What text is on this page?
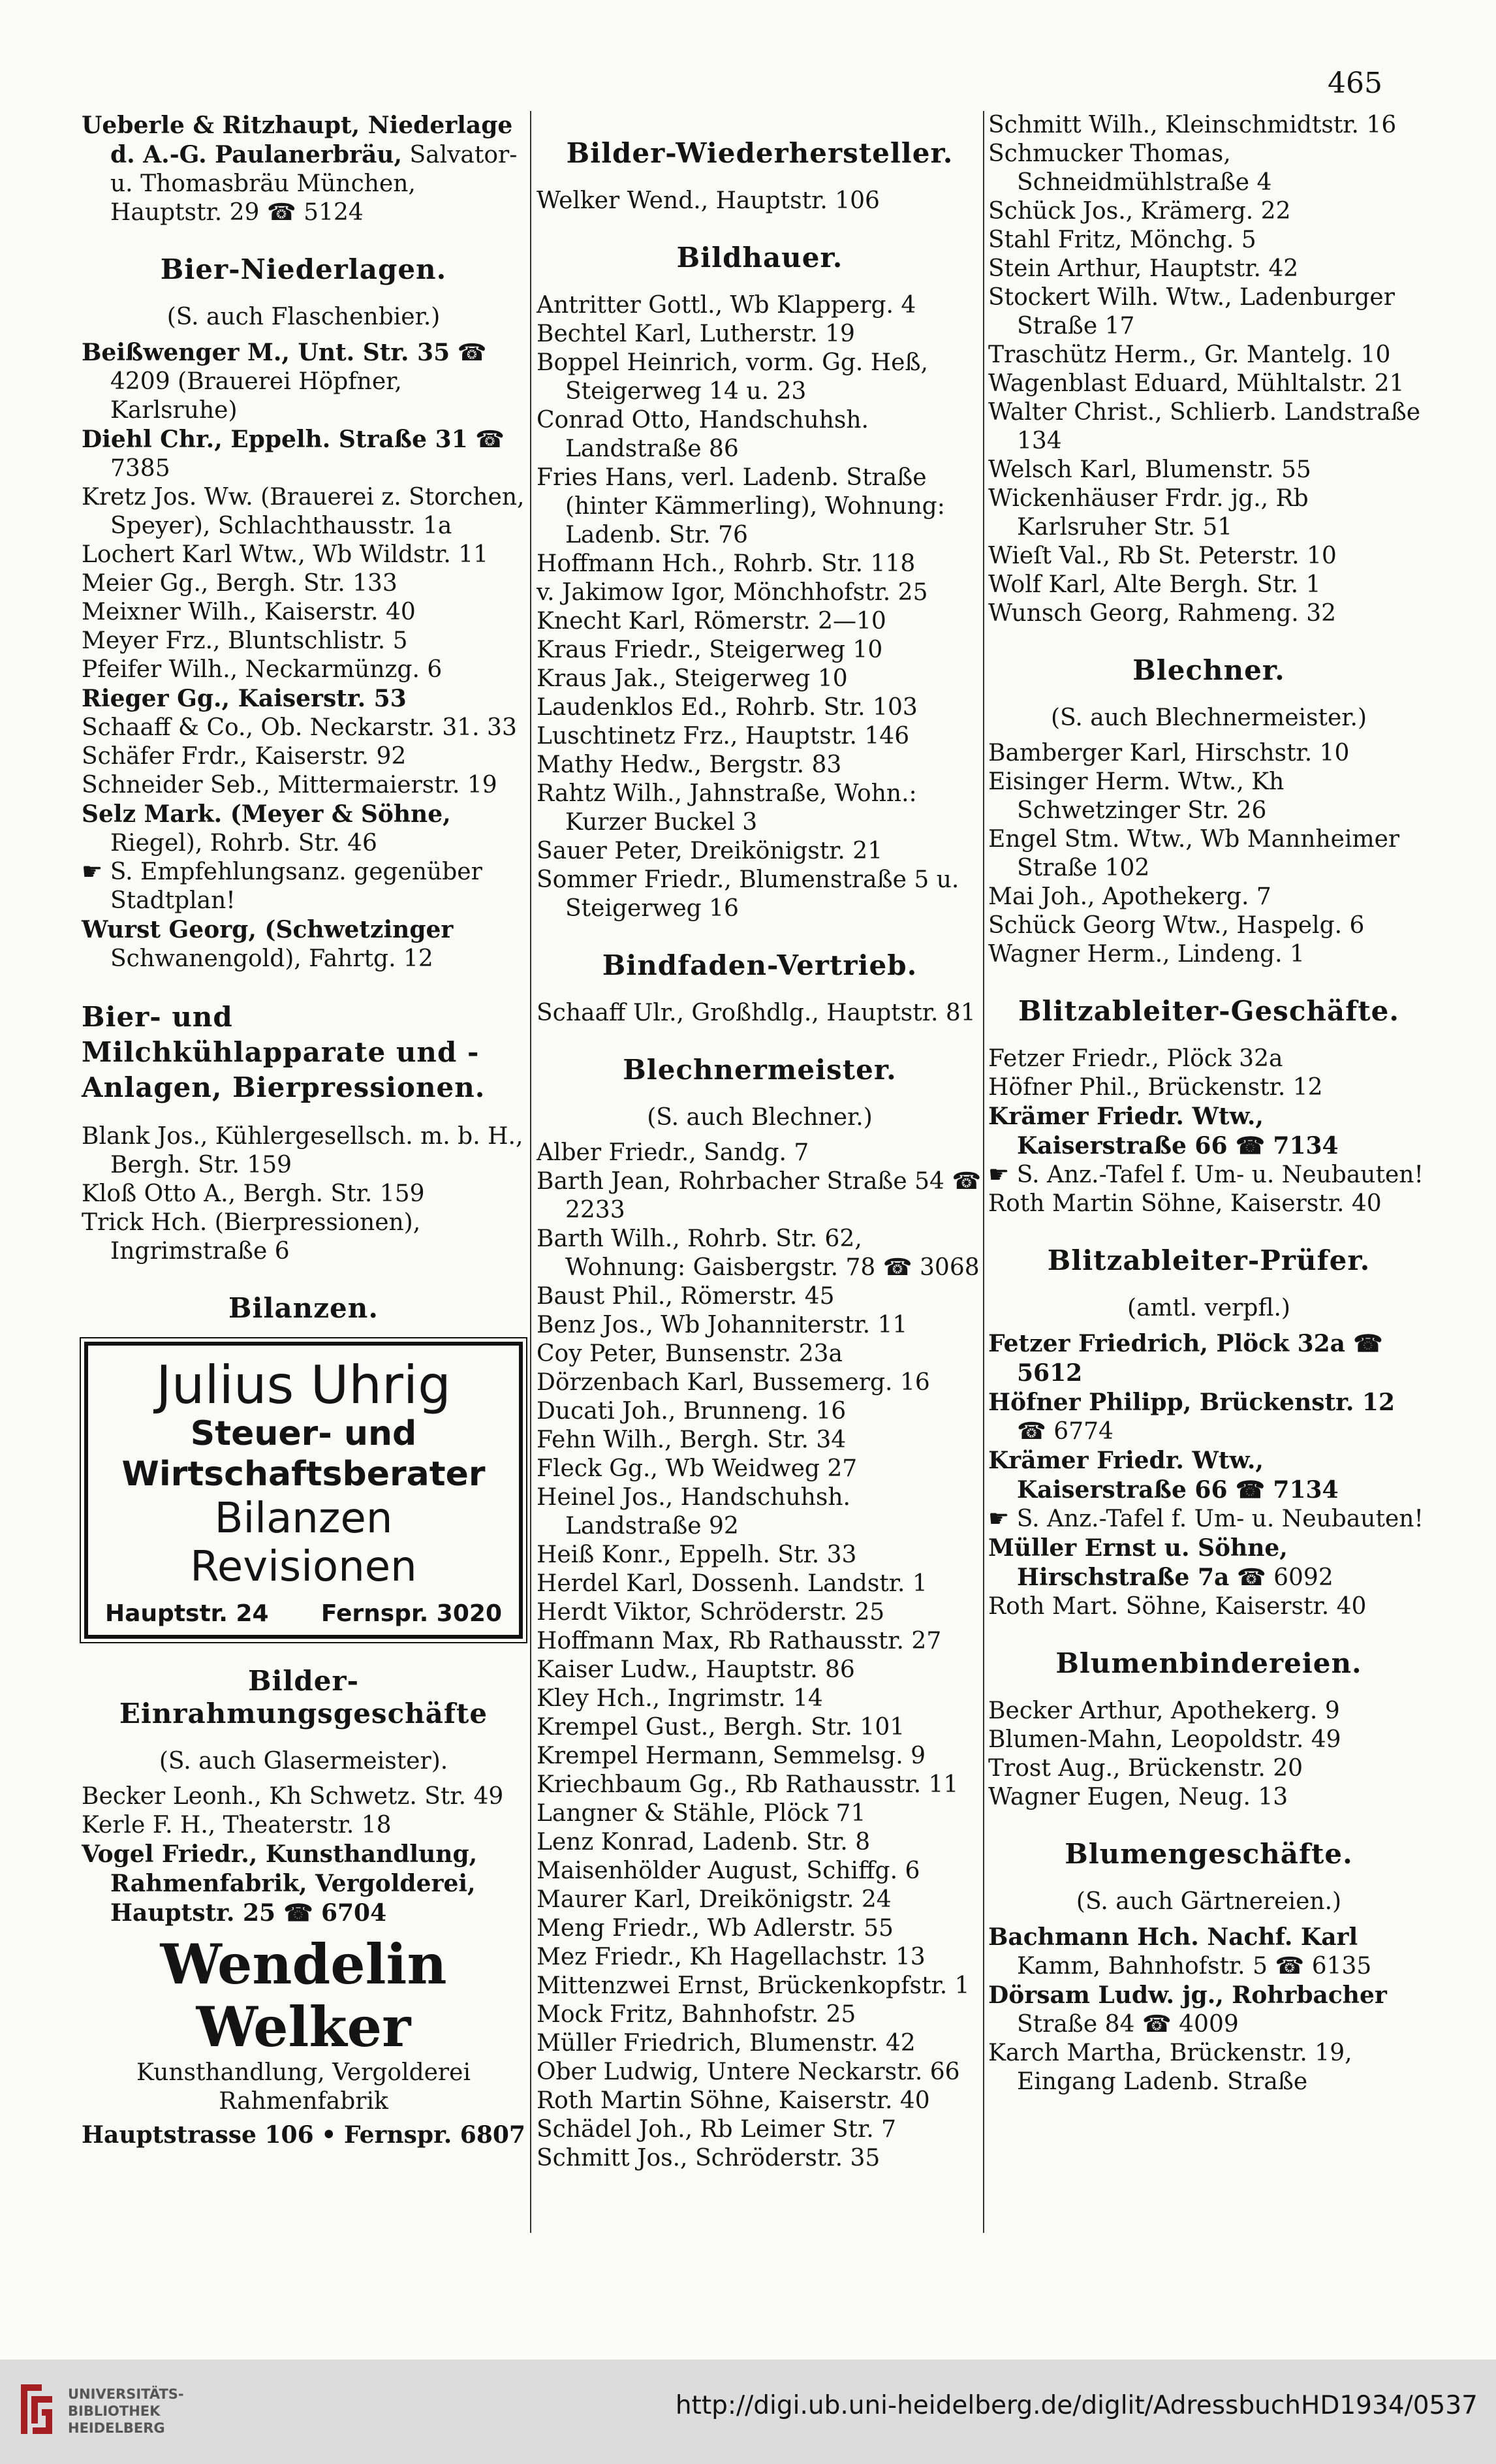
465
Ueberle & Ritzhaupt, Niederlage d. A.-G. Paulanerbräu, Salvator- u. Thomasbräu München, Hauptstr. 29 ☎ 5124
Bier-Niederlagen.
(S. auch Flaschenbier.)
Beißwenger M., Unt. Str. 35 ☎ 4209 (Brauerei Höpfner, Karlsruhe)
Diehl Chr., Eppelh. Straße 31 ☎ 7385
Kretz Jos. Ww. (Brauerei z. Storchen, Speyer), Schlachthausstr. 1a
Lochert Karl Wtw., Wb Wildstr. 11
Meier Gg., Bergh. Str. 133
Meixner Wilh., Kaiserstr. 40
Meyer Frz., Bluntschlistr. 5
Pfeifer Wilh., Neckarmünzg. 6
Rieger Gg., Kaiserstr. 53
Schaaff & Co., Ob. Neckarstr. 31. 33
Schäfer Frdr., Kaiserstr. 92
Schneider Seb., Mittermaierstr. 19
Selz Mark. (Meyer & Söhne, Riegel), Rohrb. Str. 46
☛ S. Empfehlungsanz. gegenüber Stadtplan!
Wurst Georg, (Schwetzinger Schwanengold), Fahrtg. 12
Bier- und Milchkühlapparate und -Anlagen, Bierpressionen.
Blank Jos., Kühlergesellsch. m. b. H., Bergh. Str. 159
Kloß Otto A., Bergh. Str. 159
Trick Hch. (Bierpressionen), Ingrimstraße 6
Bilanzen.
Julius Uhrig
Steuer- und
Wirtschaftsberater
Bilanzen
Revisionen
Hauptstr. 24 Fernspr. 3020
Bilder-Einrahmungsgeschäfte
(S. auch Glasermeister).
Becker Leonh., Kh Schwetz. Str. 49
Kerle F. H., Theaterstr. 18
Vogel Friedr., Kunsthandlung, Rahmenfabrik, Vergolderei, Hauptstr. 25 ☎ 6704
Wendelin Welker
Kunsthandlung, Vergolderei
Rahmenfabrik
Hauptstrasse 106 • Fernspr. 6807
Bilder-Wiederhersteller.
Welker Wend., Hauptstr. 106
Bildhauer.
Antritter Gottl., Wb Klapperg. 4
Bechtel Karl, Lutherstr. 19
Boppel Heinrich, vorm. Gg. Heß, Steigerweg 14 u. 23
Conrad Otto, Handschuhsh. Landstraße 86
Fries Hans, verl. Ladenb. Straße (hinter Kämmerling), Wohnung: Ladenb. Str. 76
Hoffmann Hch., Rohrb. Str. 118
v. Jakimow Igor, Mönchhofstr. 25
Knecht Karl, Römerstr. 2—10
Kraus Friedr., Steigerweg 10
Kraus Jak., Steigerweg 10
Laudenklos Ed., Rohrb. Str. 103
Luschtinetz Frz., Hauptstr. 146
Mathy Hedw., Bergstr. 83
Rahtz Wilh., Jahnstraße, Wohn.: Kurzer Buckel 3
Sauer Peter, Dreikönigstr. 21
Sommer Friedr., Blumenstraße 5 u. Steigerweg 16
Bindfaden-Vertrieb.
Schaaff Ulr., Großhdlg., Hauptstr. 81
Blechnermeister.
(S. auch Blechner.)
Alber Friedr., Sandg. 7
Barth Jean, Rohrbacher Straße 54 ☎ 2233
Barth Wilh., Rohrb. Str. 62, Wohnung: Gaisbergstr. 78 ☎ 3068
Baust Phil., Römerstr. 45
Benz Jos., Wb Johanniterstr. 11
Coy Peter, Bunsenstr. 23a
Dörzenbach Karl, Bussemerg. 16
Ducati Joh., Brunneng. 16
Fehn Wilh., Bergh. Str. 34
Fleck Gg., Wb Weidweg 27
Heinel Jos., Handschuhsh. Landstraße 92
Heiß Konr., Eppelh. Str. 33
Herdel Karl, Dossenh. Landstr. 1
Herdt Viktor, Schröderstr. 25
Hoffmann Max, Rb Rathausstr. 27
Kaiser Ludw., Hauptstr. 86
Kley Hch., Ingrimstr. 14
Krempel Gust., Bergh. Str. 101
Krempel Hermann, Semmelsg. 9
Kriechbaum Gg., Rb Rathausstr. 11
Langner & Stähle, Plöck 71
Lenz Konrad, Ladenb. Str. 8
Maisenhölder August, Schiffg. 6
Maurer Karl, Dreikönigstr. 24
Meng Friedr., Wb Adlerstr. 55
Mez Friedr., Kh Hagellachstr. 13
Mittenzwei Ernst, Brückenkopfstr. 1
Mock Fritz, Bahnhofstr. 25
Müller Friedrich, Blumenstr. 42
Ober Ludwig, Untere Neckarstr. 66
Roth Martin Söhne, Kaiserstr. 40
Schädel Joh., Rb Leimer Str. 7
Schmitt Jos., Schröderstr. 35
Schmitt Wilh., Kleinschmidtstr. 16
Schmucker Thomas, Schneidmühlstraße 4
Schück Jos., Krämerg. 22
Stahl Fritz, Mönchg. 5
Stein Arthur, Hauptstr. 42
Stockert Wilh. Wtw., Ladenburger Straße 17
Traschütz Herm., Gr. Mantelg. 10
Wagenblast Eduard, Mühltalstr. 21
Walter Christ., Schlierb. Landstraße 134
Welsch Karl, Blumenstr. 55
Wickenhäuser Frdr. jg., Rb Karlsruher Str. 51
Wieſt Val., Rb St. Peterstr. 10
Wolf Karl, Alte Bergh. Str. 1
Wunsch Georg, Rahmeng. 32
Blechner.
(S. auch Blechnermeister.)
Bamberger Karl, Hirschstr. 10
Eisinger Herm. Wtw., Kh Schwetzinger Str. 26
Engel Stm. Wtw., Wb Mannheimer Straße 102
Mai Joh., Apothekerg. 7
Schück Georg Wtw., Haspelg. 6
Wagner Herm., Lindeng. 1
Blitzableiter-Geschäfte.
Fetzer Friedr., Plöck 32a
Höfner Phil., Brückenstr. 12
Krämer Friedr. Wtw., Kaiserstraße 66 ☎ 7134
☛ S. Anz.-Tafel f. Um- u. Neubauten!
Roth Martin Söhne, Kaiserstr. 40
Blitzableiter-Prüfer.
(amtl. verpfl.)
Fetzer Friedrich, Plöck 32a ☎ 5612
Höfner Philipp, Brückenstr. 12 ☎ 6774
Krämer Friedr. Wtw., Kaiserstraße 66 ☎ 7134
☛ S. Anz.-Tafel f. Um- u. Neubauten!
Müller Ernst u. Söhne, Hirschstraße 7a ☎ 6092
Roth Mart. Söhne, Kaiserstr. 40
Blumenbindereien.
Becker Arthur, Apothekerg. 9
Blumen-Mahn, Leopoldstr. 49
Trost Aug., Brückenstr. 20
Wagner Eugen, Neug. 13
Blumengeschäfte.
(S. auch Gärtnereien.)
Bachmann Hch. Nachf. Karl Kamm, Bahnhofstr. 5 ☎ 6135
Dörsam Ludw. jg., Rohrbacher Straße 84 ☎ 4009
Karch Martha, Brückenstr. 19, Eingang Ladenb. Straße
UNIVERSITÄTS-
BIBLIOTHEK
HEIDELBERG
http://digi.ub.uni-heidelberg.de/diglit/AdressbuchHD1934/0537
